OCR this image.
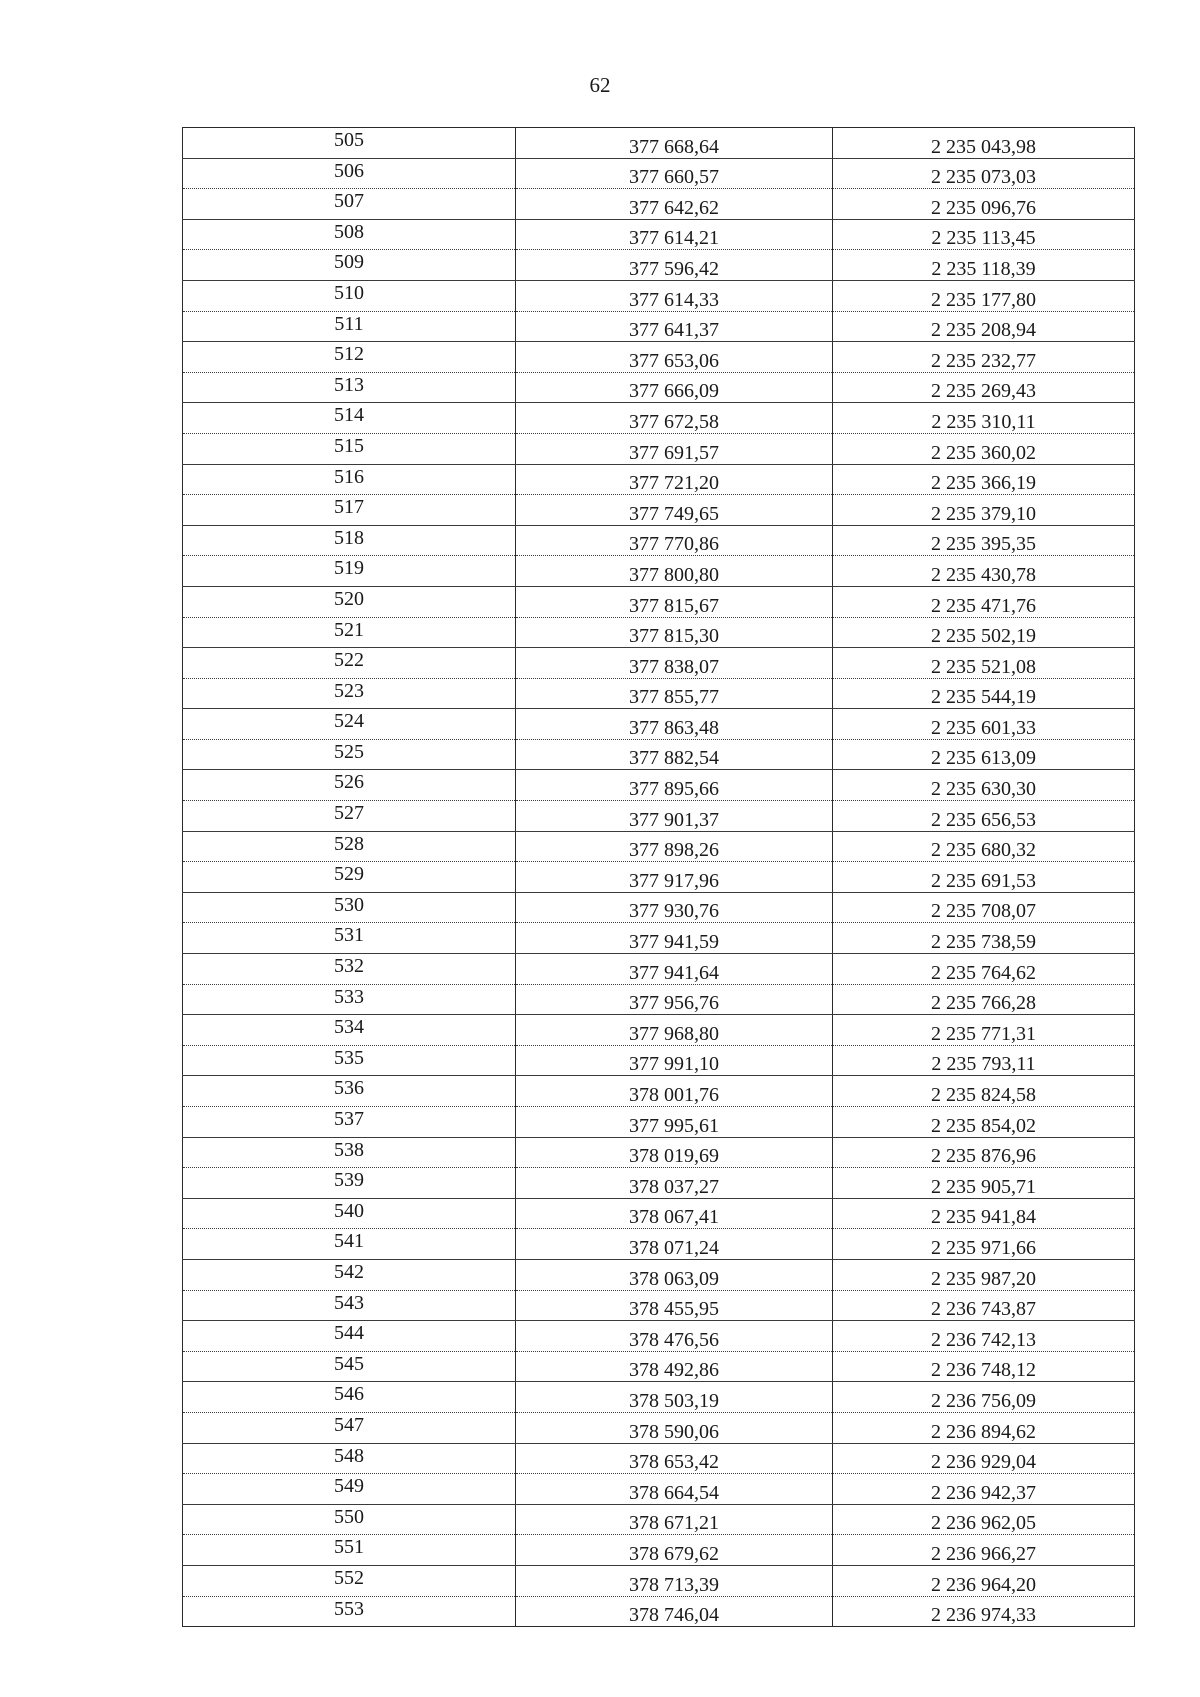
62
505	377 668,64	2 235 043,98
506	377 660,57	2 235 073,03
507	377 642,62	2 235 096,76
508	377 614,21	2 235 113,45
509	377 596,42	2 235 118,39
510	377 614,33	2 235 177,80
511	377 641,37	2 235 208,94
512	377 653,06	2 235 232,77
513	377 666,09	2 235 269,43
514	377 672,58	2 235 310,11
515	377 691,57	2 235 360,02
516	377 721,20	2 235 366,19
517	377 749,65	2 235 379,10
518	377 770,86	2 235 395,35
519	377 800,80	2 235 430,78
520	377 815,67	2 235 471,76
521	377 815,30	2 235 502,19
522	377 838,07	2 235 521,08
523	377 855,77	2 235 544,19
524	377 863,48	2 235 601,33
525	377 882,54	2 235 613,09
526	377 895,66	2 235 630,30
527	377 901,37	2 235 656,53
528	377 898,26	2 235 680,32
529	377 917,96	2 235 691,53
530	377 930,76	2 235 708,07
531	377 941,59	2 235 738,59
532	377 941,64	2 235 764,62
533	377 956,76	2 235 766,28
534	377 968,80	2 235 771,31
535	377 991,10	2 235 793,11
536	378 001,76	2 235 824,58
537	377 995,61	2 235 854,02
538	378 019,69	2 235 876,96
539	378 037,27	2 235 905,71
540	378 067,41	2 235 941,84
541	378 071,24	2 235 971,66
542	378 063,09	2 235 987,20
543	378 455,95	2 236 743,87
544	378 476,56	2 236 742,13
545	378 492,86	2 236 748,12
546	378 503,19	2 236 756,09
547	378 590,06	2 236 894,62
548	378 653,42	2 236 929,04
549	378 664,54	2 236 942,37
550	378 671,21	2 236 962,05
551	378 679,62	2 236 966,27
552	378 713,39	2 236 964,20
553	378 746,04	2 236 974,33
